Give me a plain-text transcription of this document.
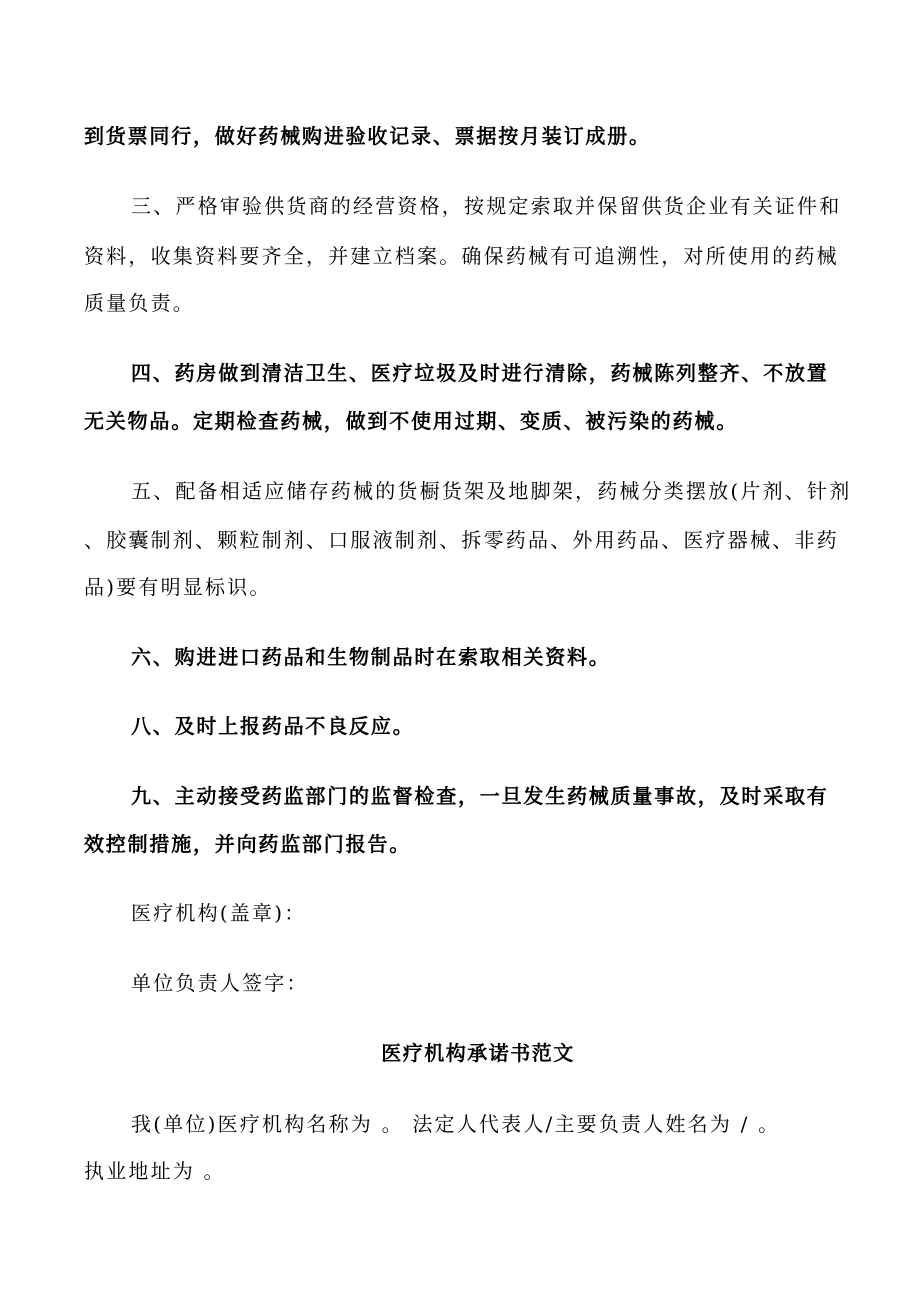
到货票同行，做好药械购进验收记录、票据按月装订成册。
三、严格审验供货商的经营资格，按规定索取并保留供货企业有关证件和
资料，收集资料要齐全，并建立档案。确保药械有可追溯性，对所使用的药械
质量负责。
四、药房做到清洁卫生、医疗垃圾及时进行清除，药械陈列整齐、不放置
无关物品。定期检查药械，做到不使用过期、变质、被污染的药械。
五、配备相适应储存药械的货橱货架及地脚架，药械分类摆放(片剂、针剂
、胶囊制剂、颗粒制剂、口服液制剂、拆零药品、外用药品、医疗器械、非药
品)要有明显标识。
六、购进进口药品和生物制品时在索取相关资料。
八、及时上报药品不良反应。
九、主动接受药监部门的监督检查，一旦发生药械质量事故，及时采取有
效控制措施，并向药监部门报告。
医疗机构(盖章)：
单位负责人签字：
医疗机构承诺书范文
我(单位)医疗机构名称为 。 法定人代表人/主要负责人姓名为 / 。
执业地址为 。
